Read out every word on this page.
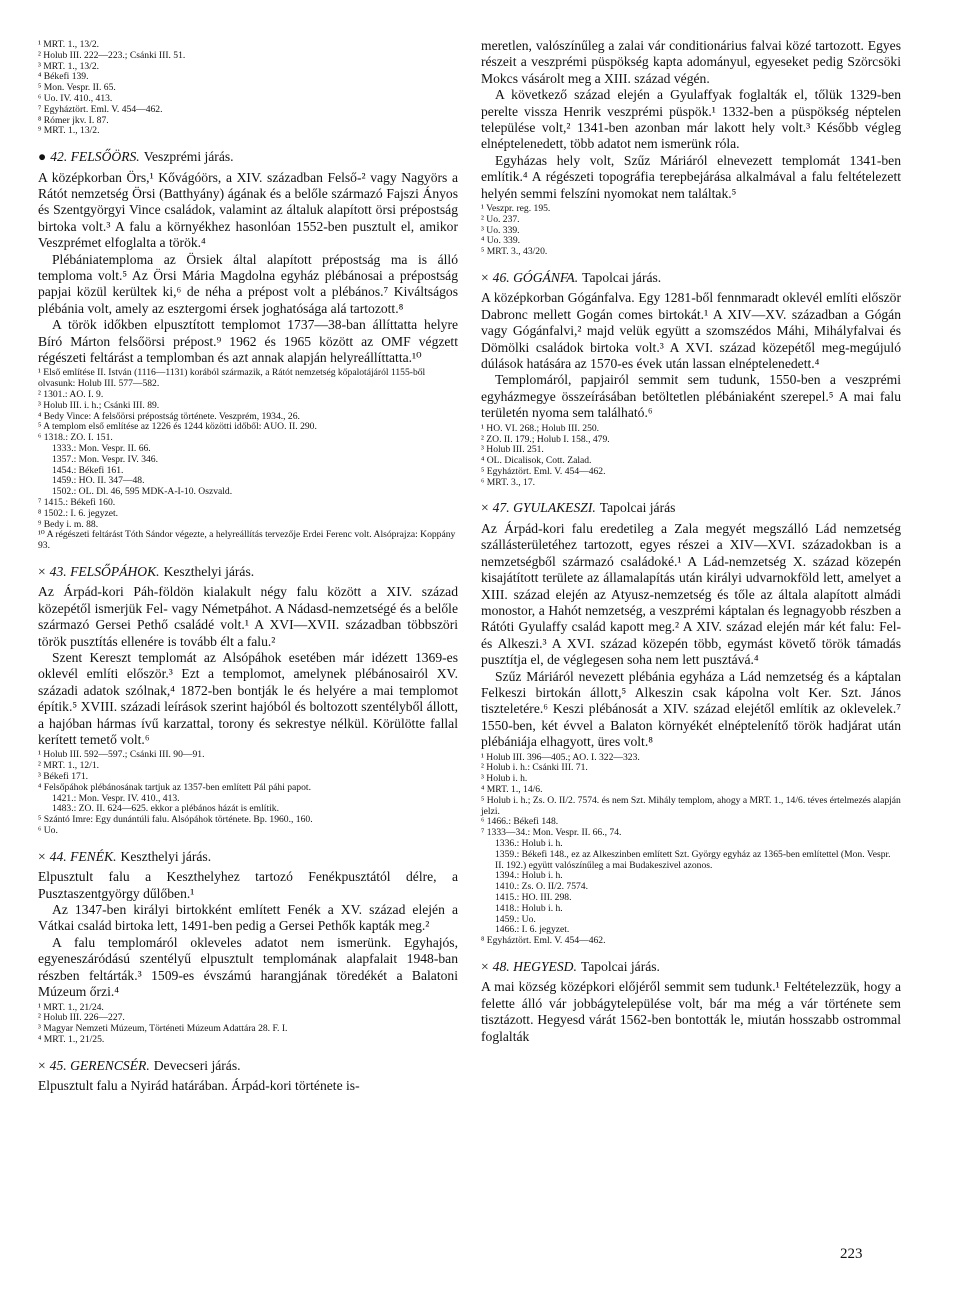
¹ MRT. 1., 13/2.
² Holub III. 222—223.; Csánki III. 51.
³ MRT. 1., 13/2.
⁴ Békefi 139.
⁵ Mon. Vespr. II. 65.
⁶ Uo. IV. 410., 413.
⁷ Egyháztört. Eml. V. 454—462.
⁸ Rómer jkv. I. 87.
⁹ MRT. 1., 13/2.
● 42. FELSŐÖRS. Veszprémi járás.

A középkorban Örs,¹ Kővágóörs, a XIV. században Felső-² vagy Nagyörs a Rátót nemzetség Örsi (Batthyány) ágának és a belőle származó Fajszi Ányos és Szentgyörgyi Vince családok, valamint az általuk alapított örsi prépostság birtoka volt.³ A falu a környékhez hasonlóan 1552-ben pusztult el, amikor Veszprémet elfoglalta a török.⁴

Plébániatemploma az Örsiek által alapított prépostság ma is álló temploma volt.⁵ Az Örsi Mária Magdolna egyház plébánosai a prépostság papjai közül kerültek ki,⁶ de néha a prépost volt a plébános.⁷ Kiváltságos plébánia volt, amely az esztergomi érsek joghatósága alá tartozott.⁸

A török időkben elpusztított templomot 1737—38-ban állíttatta helyre Bíró Márton felsőörsi prépost.⁹ 1962 és 1965 között az OMF végzett régészeti feltárást a templomban és azt annak alapján helyreállíttatta.¹⁰

¹ Első említése II. István (1116—1131) korából származik, a Rátót nemzetség kőpalotájáról 1155-ből olvasunk: Holub III. 577—582.
² 1301.: AO. I. 9.
³ Holub III. i. h.; Csánki III. 89.
⁴ Bedy Vince: A felsőörsi prépostság története. Veszprém, 1934., 26.
⁵ A templom első említése az 1226 és 1244 közötti időből: AUO. II. 290.
⁶ 1318.: ZO. I. 151.
1333.: Mon. Vespr. II. 66.
1357.: Mon. Vespr. IV. 346.
1454.: Békefi 161.
1459.: HO. II. 347—48.
1502.: OL. Dl. 46, 595 MDK-A-I-10. Oszvald.
⁷ 1415.: Békefi 160.
⁸ 1502.: I. 6. jegyzet.
⁹ Bedy i. m. 88.
¹⁰ A régészeti feltárást Tóth Sándor végezte, a helyreállítás tervezője Erdei Ferenc volt. Alsóprajza: Koppány 93.
× 43. FELSŐPÁHOK. Keszthelyi járás.

Az Árpád-kori Páh-földön kialakult négy falu között a XIV. század közepétől ismerjük Fel- vagy Németpáhot. A Nádasd-nemzetségé és a belőle származó Gersei Pethő családé volt.¹ A XVI—XVII. században többszöri török pusztítás ellenére is tovább élt a falu.²

Szent Kereszt templomát az Alsópáhok esetében már idézett 1369-es oklevél említi először.³ Ezt a templomot, amelynek plébánosairól XV. századi adatok szólnak,⁴ 1872-ben bontják le és helyére a mai templomot építik.⁵ XVIII. századi leírások szerint hajóból és boltozott szentélyből állott, a hajóban hármas ívű karzattal, torony és sekrestye nélkül. Körülötte fallal kerített temető volt.⁶

¹ Holub III. 592—597.; Csánki III. 90—91.
² MRT. 1., 12/1.
³ Békefi 171.
⁴ Felsőpáhok plébánosának tartjuk az 1357-ben említett Pál páhi papot.
1421.: Mon. Vespr. IV. 410., 413.
1483.: ZO. II. 624—625. ekkor a plébános házát is említik.
⁵ Szántó Imre: Egy dunántúli falu. Alsópáhok története. Bp. 1960., 160.
⁶ Uo.
× 44. FENÉK. Keszthelyi járás.

Elpusztult falu a Keszthelyhez tartozó Fenékpusztától délre, a Pusztaszentgyörgy dűlőben.¹

Az 1347-ben királyi birtokként említett Fenék a XV. század elején a Vátkai család birtoka lett, 1491-ben pedig a Gersei Pethők kapták meg.²

A falu templomáról okleveles adatot nem ismerünk. Egyhajós, egyeneszáródású szentélyű elpusztult templomának alapfalait 1948-ban részben feltárták.³ 1509-es évszámú harangjának töredékét a Balatoni Múzeum őrzi.⁴

¹ MRT. 1., 21/24.
² Holub III. 226—227.
³ Magyar Nemzeti Múzeum, Történeti Múzeum Adattára 28. F. I.
⁴ MRT. 1., 21/25.
× 45. GERENCSÉR. Devecseri járás.

Elpusztult falu a Nyirád határában. Árpád-kori története is-

meretlen, valószínűleg a zalai vár conditionárius falvai közé tartozott. Egyes részeit a veszprémi püspökség kapta adományul, egyeseket pedig Szörcsöki Mokcs vásárolt meg a XIII. század végén.

A következő század elején a Gyulaffyak foglalták el, tőlük 1329-ben perelte vissza Henrik veszprémi püspök.¹ 1332-ben a püspökség néptelen települése volt,² 1341-ben azonban már lakott hely volt.³ Később végleg elnéptelenedett, több adatot nem ismerünk róla.

Egyházas hely volt, Szűz Máriáról elnevezett templomát 1341-ben említik.⁴ A régészeti topográfia terepbejárása alkalmával a falu feltételezett helyén semmi felszíni nyomokat nem találtak.⁵

¹ Veszpr. reg. 195.
² Uo. 237.
³ Uo. 339.
⁴ Uo. 339.
⁵ MRT. 3., 43/20.
× 46. GÓGÁNFA. Tapolcai járás.

A középkorban Gógánfalva. Egy 1281-ből fennmaradt oklevél említi először Dabronc mellett Gogán comes birtokát.¹ A XIV—XV. században a Gógán vagy Gógánfalvi,² majd velük együtt a szomszédos Máhi, Mihályfalvai és Dömölki családok birtoka volt.³ A XVI. század közepétől meg-megújuló dúlások hatására az 1570-es évek után lassan elnéptelenedett.⁴

Templomáról, papjairól semmit sem tudunk, 1550-ben a veszprémi egyházmegye összeírásában betöltetlen plébániaként szerepel.⁵ A mai falu területén nyoma sem található.⁶

¹ HO. VI. 268.; Holub III. 250.
² ZO. II. 179.; Holub I. 158., 479.
³ Holub III. 251.
⁴ OL. Dicalisok, Cott. Zalad.
⁵ Egyháztört. Eml. V. 454—462.
⁶ MRT. 3., 17.
× 47. GYULAKESZI. Tapolcai járás

Az Árpád-kori falu eredetileg a Zala megyét megszálló Lád nemzetség szállásterületéhez tartozott, egyes részei a XIV—XVI. századokban is a nemzetségből származó családoké.¹ A Lád-nemzetség X. század közepén kisajátított területe az államalapítás után királyi udvarnokföld lett, amelyet a XIII. század elején az Atyusz-nemzetség és tőle az általa alapított almádi monostor, a Hahót nemzetség, a veszprémi káptalan és legnagyobb részben a Rátóti Gyulaffy család kapott meg.² A XIV. század elején már két falu: Fel- és Alkeszi.³ A XVI. század közepén több, egymást követő török támadás pusztítja el, de véglegesen soha nem lett pusztává.⁴

Szűz Máriáról nevezett plébánia egyháza a Lád nemzetség és a káptalan Felkeszi birtokán állott,⁵ Alkeszin csak kápolna volt Ker. Szt. János tiszteletére.⁶ Keszi plébánosát a XIV. század elejétől említik az oklevelek.⁷ 1550-ben, két évvel a Balaton környékét elnéptelenítő török hadjárat után plébániája elhagyott, üres volt.⁸

¹ Holub III. 396—405.; AO. I. 322—323.
² Holub i. h.: Csánki III. 71.
³ Holub i. h.
⁴ MRT. 1., 14/6.
⁵ Holub i. h.; Zs. O. II/2. 7574. és nem Szt. Mihály templom, ahogy a MRT. 1., 14/6. téves értelmezés alapján jelzi.
⁶ 1466.: Békefi 148.
⁷ 1333—34.: Mon. Vespr. II. 66., 74.
1336.: Holub i. h.
1359.: Békefi 148., ez az Alkeszinben említett Szt. György egyház az 1365-ben említettel (Mon. Vespr. II. 192.) együtt valószínűleg a mai Budakeszivel azonos.
1394.: Holub i. h.
1410.: Zs. O. II/2. 7574.
1415.: HO. III. 298.
1418.: Holub i. h.
1459.: Uo.
1466.: I. 6. jegyzet.
⁸ Egyháztört. Eml. V. 454—462.
× 48. HEGYESD. Tapolcai járás.

A mai község középkori előjéről semmit sem tudunk.¹ Feltételezzük, hogy a felette álló vár jobbágytelepülése volt, bár ma még a vár története sem tisztázott. Hegyesd várát 1562-ben bontották le, miután hosszabb ostrommal foglalták

223
